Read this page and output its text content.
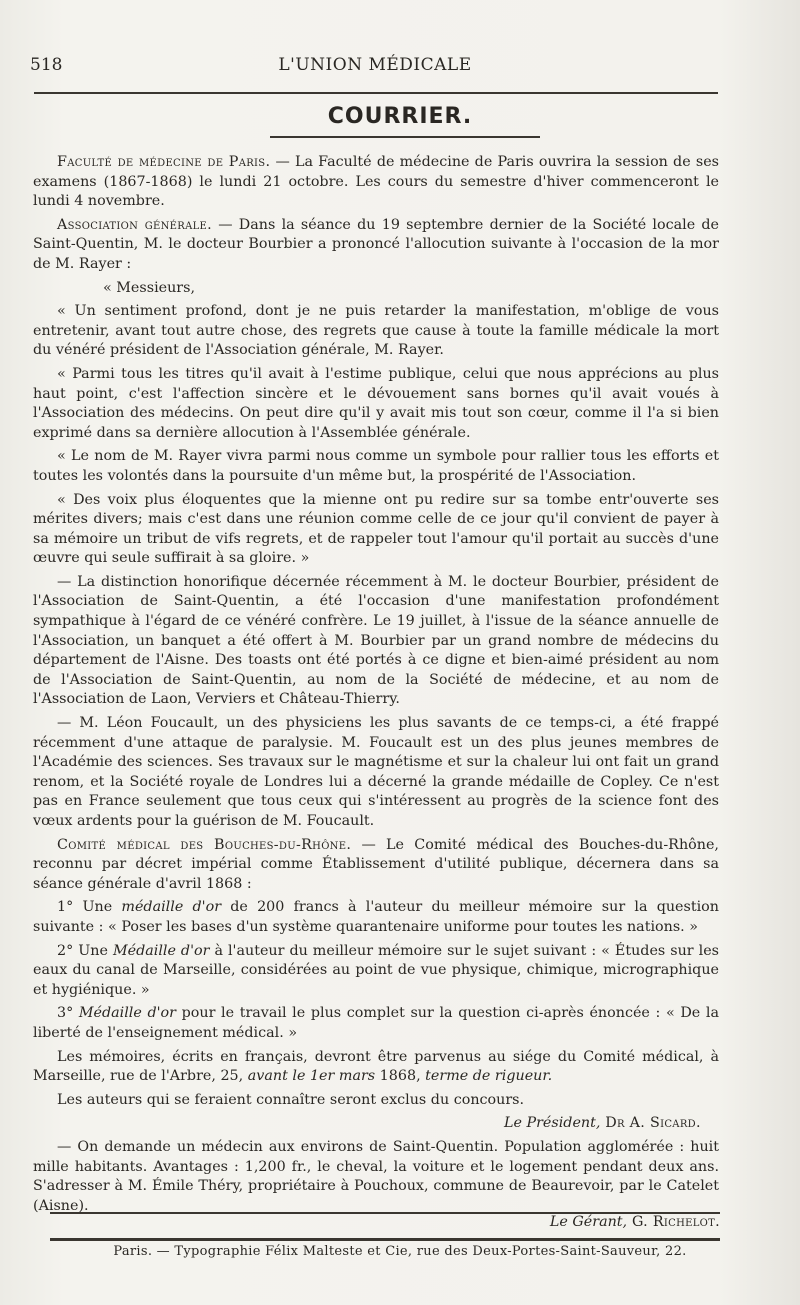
518	L'UNION MÉDICALE
COURRIER.

Faculté de médecine de Paris. — La Faculté de médecine de Paris ouvrira la session de ses examens (1867-1868) le lundi 21 octobre. Les cours du semestre d'hiver commenceront le lundi 4 novembre.

Association générale. — Dans la séance du 19 septembre dernier de la Société locale de Saint-Quentin, M. le docteur Bourbier a prononcé l'allocution suivante à l'occasion de la mor de M. Rayer :

« Messieurs,

« Un sentiment profond, dont je ne puis retarder la manifestation, m'oblige de vous entretenir, avant tout autre chose, des regrets que cause à toute la famille médicale la mort du vénéré président de l'Association générale, M. Rayer.

« Parmi tous les titres qu'il avait à l'estime publique, celui que nous apprécions au plus haut point, c'est l'affection sincère et le dévouement sans bornes qu'il avait voués à l'Association des médecins. On peut dire qu'il y avait mis tout son cœur, comme il l'a si bien exprimé dans sa dernière allocution à l'Assemblée générale.

« Le nom de M. Rayer vivra parmi nous comme un symbole pour rallier tous les efforts et toutes les volontés dans la poursuite d'un même but, la prospérité de l'Association.

« Des voix plus éloquentes que la mienne ont pu redire sur sa tombe entr'ouverte ses mérites divers; mais c'est dans une réunion comme celle de ce jour qu'il convient de payer à sa mémoire un tribut de vifs regrets, et de rappeler tout l'amour qu'il portait au succès d'une œuvre qui seule suffirait à sa gloire. »

— La distinction honorifique décernée récemment à M. le docteur Bourbier, président de l'Association de Saint-Quentin, a été l'occasion d'une manifestation profondément sympathique à l'égard de ce vénéré confrère. Le 19 juillet, à l'issue de la séance annuelle de l'Association, un banquet a été offert à M. Bourbier par un grand nombre de médecins du département de l'Aisne. Des toasts ont été portés à ce digne et bien-aimé président au nom de l'Association de Saint-Quentin, au nom de la Société de médecine, et au nom de l'Association de Laon, Verviers et Château-Thierry.

— M. Léon Foucault, un des physiciens les plus savants de ce temps-ci, a été frappé récemment d'une attaque de paralysie. M. Foucault est un des plus jeunes membres de l'Académie des sciences. Ses travaux sur le magnétisme et sur la chaleur lui ont fait un grand renom, et la Société royale de Londres lui a décerné la grande médaille de Copley. Ce n'est pas en France seulement que tous ceux qui s'intéressent au progrès de la science font des vœux ardents pour la guérison de M. Foucault.

Comité médical des Bouches-du-Rhône. — Le Comité médical des Bouches-du-Rhône, reconnu par décret impérial comme Établissement d'utilité publique, décernera dans sa séance générale d'avril 1868 :

1° Une médaille d'or de 200 francs à l'auteur du meilleur mémoire sur la question suivante : « Poser les bases d'un système quarantenaire uniforme pour toutes les nations. »

2° Une Médaille d'or à l'auteur du meilleur mémoire sur le sujet suivant : « Études sur les eaux du canal de Marseille, considérées au point de vue physique, chimique, micrographique et hygiénique. »

3° Médaille d'or pour le travail le plus complet sur la question ci-après énoncée : « De la liberté de l'enseignement médical. »

Les mémoires, écrits en français, devront être parvenus au siége du Comité médical, à Marseille, rue de l'Arbre, 25, avant le 1er mars 1868, terme de rigueur.

Les auteurs qui se feraient connaître seront exclus du concours.

Le Président, Dr A. Sicard.

— On demande un médecin aux environs de Saint-Quentin. Population agglomérée : huit mille habitants. Avantages : 1,200 fr., le cheval, la voiture et le logement pendant deux ans. S'adresser à M. Émile Théry, propriétaire à Pouchoux, commune de Beaurevoir, par le Catelet (Aisne).

Le Gérant, G. Richelot.
Paris. — Typographie Félix Malteste et Cie, rue des Deux-Portes-Saint-Sauveur, 22.
